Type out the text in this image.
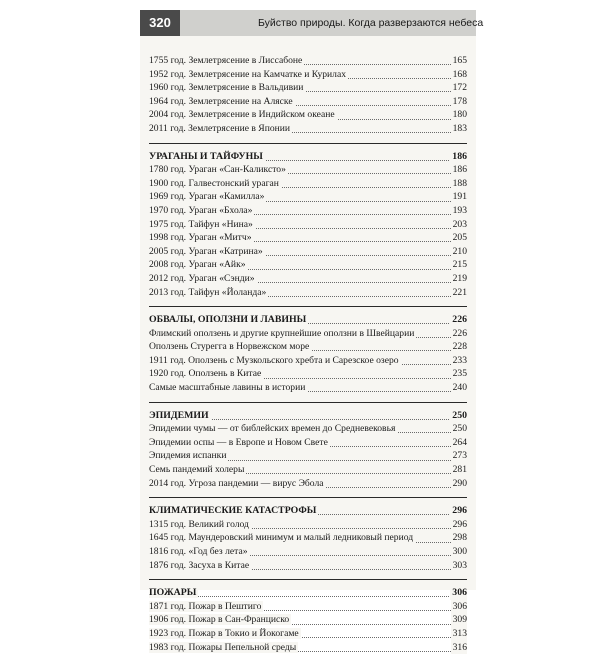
320	Буйство природы. Когда разверзаются небеса
1755 год. Землетрясение в Лиссабоне	165
1952 год. Землетрясение на Камчатке и Курилах	168
1960 год. Землетрясение в Вальдивии	172
1964 год. Землетрясение на Аляске	178
2004 год. Землетрясение в Индийском океане	180
2011 год. Землетрясение в Японии	183
УРАГАНЫ И ТАЙФУНЫ	186
1780 год. Ураган «Сан-Каликсто»	186
1900 год. Галвестонский ураган	188
1969 год. Ураган «Камилла»	191
1970 год. Ураган «Бхола»	193
1975 год. Тайфун «Нина»	203
1998 год. Ураган «Митч»	205
2005 год. Ураган «Катрина»	210
2008 год. Ураган «Айк»	215
2012 год. Ураган «Сэнди»	219
2013 год. Тайфун «Йоланда»	221
ОБВАЛЫ, ОПОЛЗНИ И ЛАВИНЫ	226
Флимский оползень и другие крупнейшие оползни в Швейцарии	226
Оползень Стурегга в Норвежском море	228
1911 год. Оползень с Музкольского хребта и Сарезское озеро	233
1920 год. Оползень в Китае	235
Самые масштабные лавины в истории	240
ЭПИДЕМИИ	250
Эпидемии чумы — от библейских времен до Средневековья	250
Эпидемии оспы — в Европе и Новом Свете	264
Эпидемия испанки	273
Семь пандемий холеры	281
2014 год. Угроза пандемии — вирус Эбола	290
КЛИМАТИЧЕСКИЕ КАТАСТРОФЫ	296
1315 год. Великий голод	296
1645 год. Маундеровский минимум и малый ледниковый период	298
1816 год. «Год без лета»	300
1876 год. Засуха в Китае	303
ПОЖАРЫ	306
1871 год. Пожар в Пештиго	306
1906 год. Пожар в Сан-Франциско	309
1923 год. Пожар в Токио и Йокогаме	313
1983 год. Пожары Пепельной среды	316
